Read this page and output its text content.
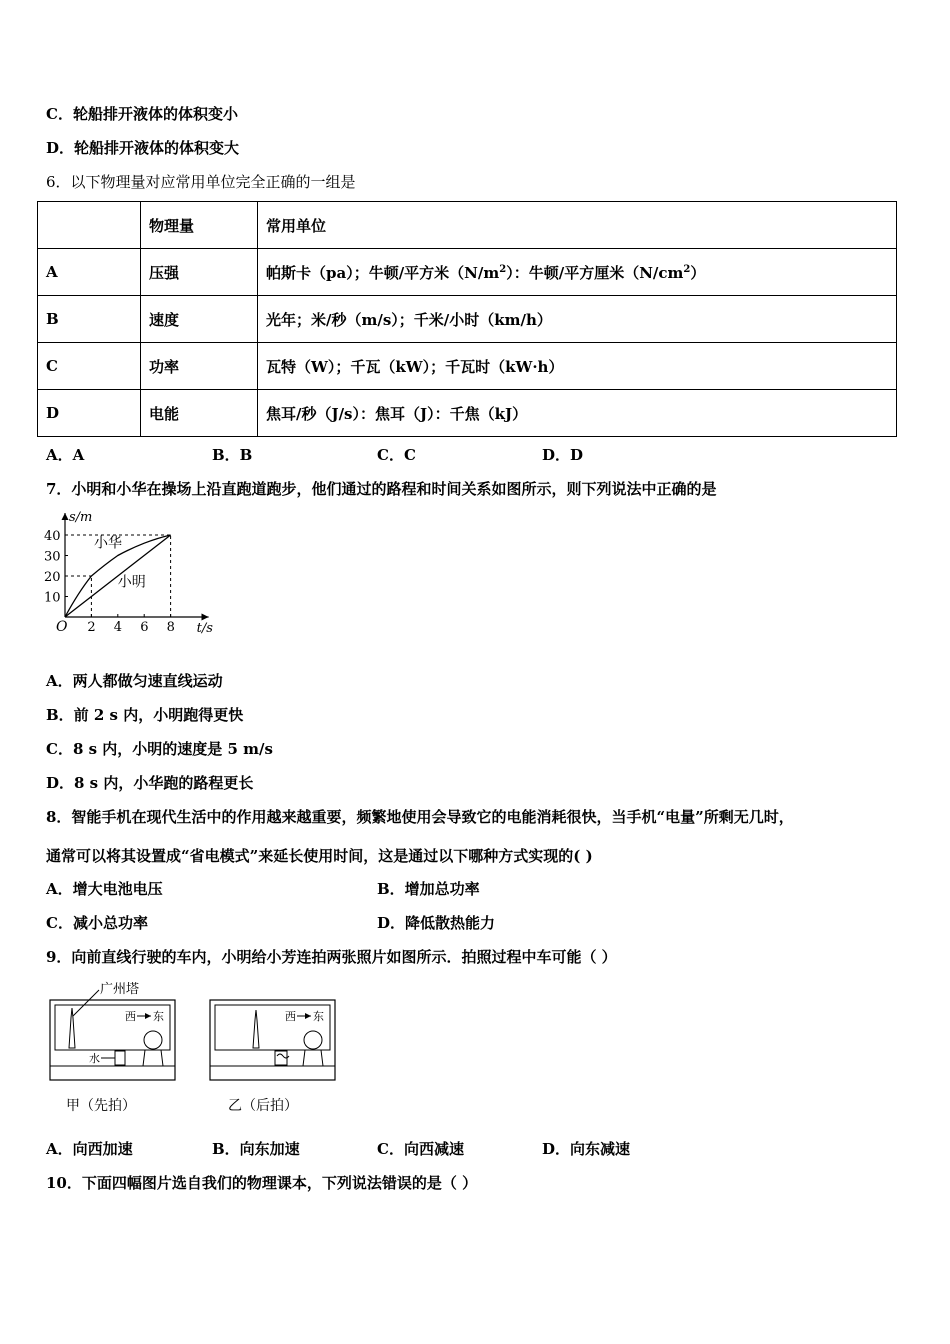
C．轮船排开液体的体积变小
D．轮船排开液体的体积变大
6．以下物理量对应常用单位完全正确的一组是
	物理量	常用单位
A	压强	帕斯卡（pa）；牛顿/平方米$(N/m^2)$：牛顿/平方厘米$(N/cm^2)$
B	速度	光年；米/秒（m/s）；千米/小时（km/h）
C	功率	瓦特（W）；千瓦（kW）；千瓦时（kW·h）
D	电能	焦耳/秒（J/s）：焦耳（J）：千焦（kJ）
A．A	B．B	C．C	D．D
7．小明和小华在操场上沿直跑道跑步，他们通过的路程和时间关系如图所示，则下列说法中正确的是
O	t/s
s/m
2 4 6 8
10
20
30
40 小华
小明
A．两人都做匀速直线运动
B．前 2 s 内，小明跑得更快
C．8 s 内，小明的速度是 5 m/s
D．8 s 内，小华跑的路程更长
8．智能手机在现代生活中的作用越来越重要，频繁地使用会导致它的电能消耗很快，当手机“电量”所剩无几时，
通常可以将其设置成“省电模式”来延长使用时间，这是通过以下哪种方式实现的( )
A．增大电池电压	B．增加总功率
C．减小总功率	D．降低散热能力
9．向前直线行驶的车内，小明给小芳连拍两张照片如图所示．拍照过程中车可能（ ）
广州塔
西 东
水
甲（先拍）
西 东
乙（后拍）
A．向西加速	B．向东加速	C．向西减速	D．向东减速
10．下面四幅图片选自我们的物理课本，下列说法错误的是（ ）
